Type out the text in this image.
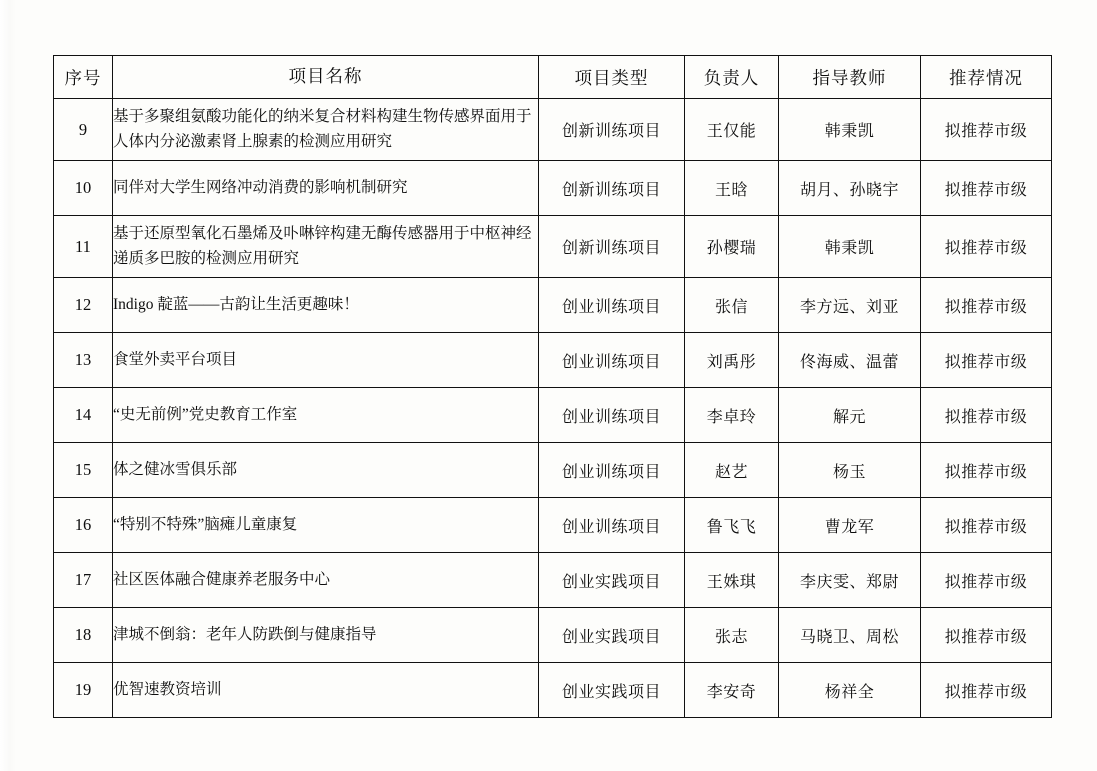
序号	项目名称	项目类型	负责人	指导教师	推荐情况
9	基于多聚组氨酸功能化的纳米复合材料构建生物传感界面用于人体内分泌激素肾上腺素的检测应用研究	创新训练项目	王仅能	韩秉凯	拟推荐市级
10	同伴对大学生网络冲动消费的影响机制研究	创新训练项目	王晗	胡月、孙晓宇	拟推荐市级
11	基于还原型氧化石墨烯及卟啉锌构建无酶传感器用于中枢神经递质多巴胺的检测应用研究	创新训练项目	孙樱瑞	韩秉凯	拟推荐市级
12	Indigo 靛蓝——古韵让生活更趣味！	创业训练项目	张信	李方远、刘亚	拟推荐市级
13	食堂外卖平台项目	创业训练项目	刘禹彤	佟海威、温蕾	拟推荐市级
14	“史无前例”党史教育工作室	创业训练项目	李卓玲	解元	拟推荐市级
15	体之健冰雪俱乐部	创业训练项目	赵艺	杨玉	拟推荐市级
16	“特别不特殊”脑瘫儿童康复	创业训练项目	鲁飞飞	曹龙军	拟推荐市级
17	社区医体融合健康养老服务中心	创业实践项目	王姝琪	李庆雯、郑尉	拟推荐市级
18	津城不倒翁：老年人防跌倒与健康指导	创业实践项目	张志	马晓卫、周松	拟推荐市级
19	优智速教资培训	创业实践项目	李安奇	杨祥全	拟推荐市级
